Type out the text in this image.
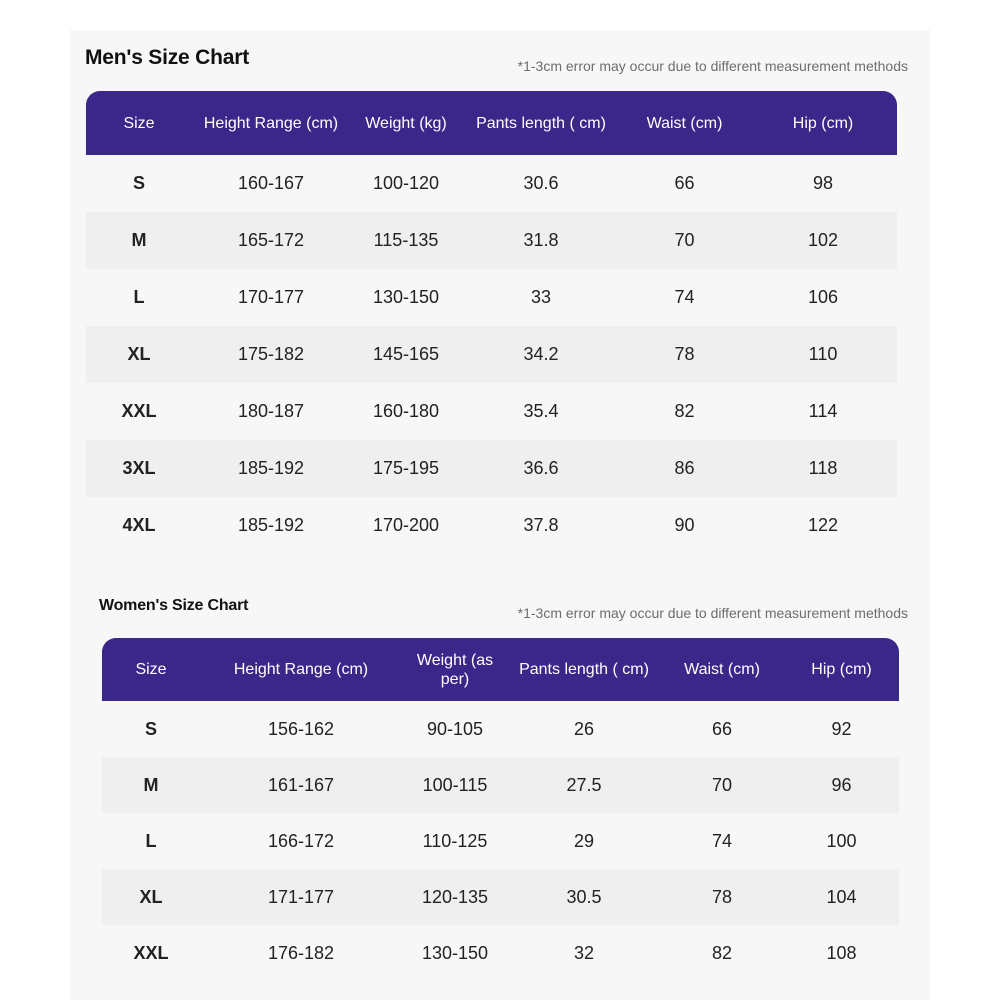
Men's Size Chart	*1-3cm error may occur due to different measurement methods
Size	Height Range (cm)	Weight (kg)	Pants length ( cm)	Waist (cm)	Hip (cm)
S	160-167	100-120	30.6	66	98
M	165-172	115-135	31.8	70	102
L	170-177	130-150	33	74	106
XL	175-182	145-165	34.2	78	110
XXL	180-187	160-180	35.4	82	114
3XL	185-192	175-195	36.6	86	118
4XL	185-192	170-200	37.8	90	122
Women's Size Chart	*1-3cm error may occur due to different measurement methods
Size	Height Range (cm)	Weight (as per)	Pants length ( cm)	Waist (cm)	Hip (cm)
S	156-162	90-105	26	66	92
M	161-167	100-115	27.5	70	96
L	166-172	110-125	29	74	100
XL	171-177	120-135	30.5	78	104
XXL	176-182	130-150	32	82	108
